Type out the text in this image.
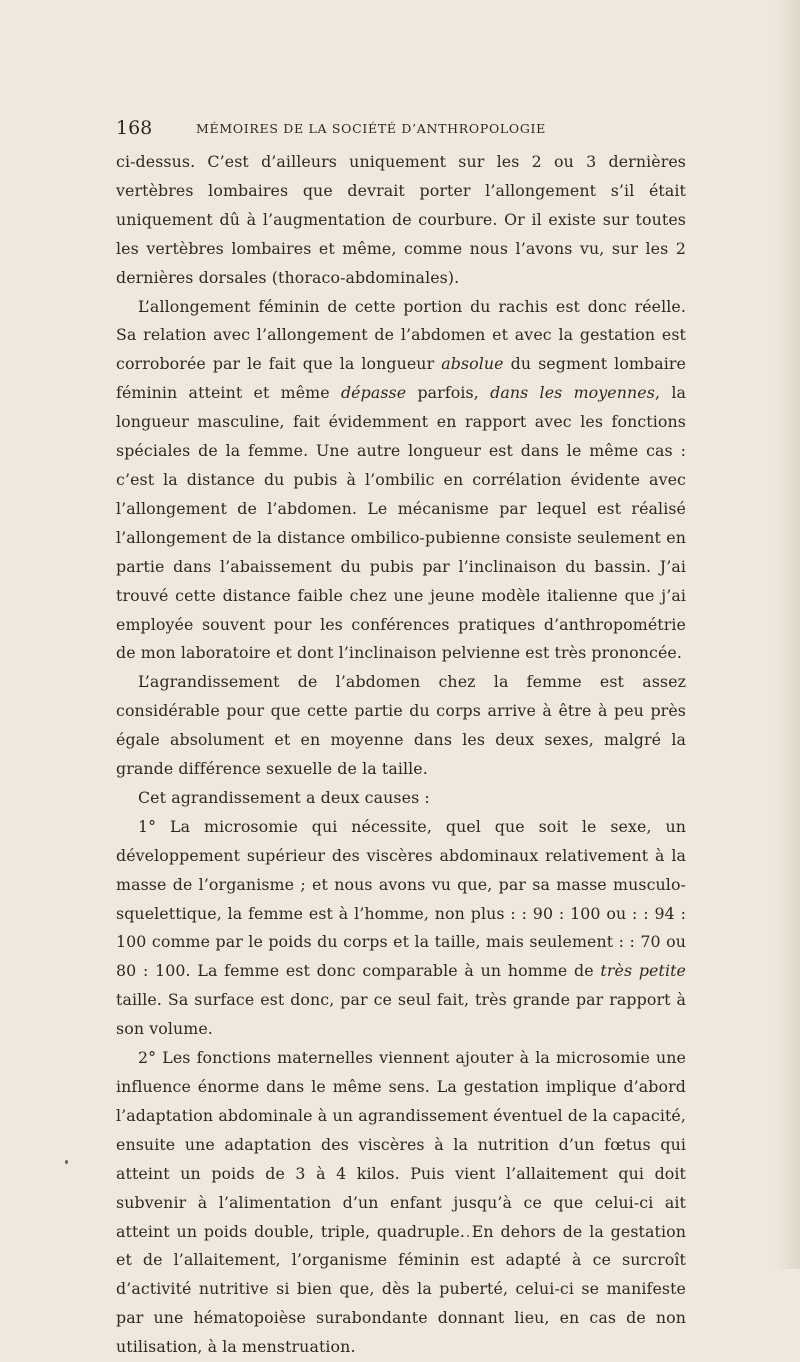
168	MÉMOIRES DE LA SOCIÉTÉ D’ANTHROPOLOGIE

ci-dessus. C’est d’ailleurs uniquement sur les 2 ou 3 dernières vertèbres lombaires que devrait porter l’allongement s’il était uniquement dû à l’augmentation de courbure. Or il existe sur toutes les vertèbres lombaires et même, comme nous l’avons vu, sur les 2 dernières dorsales (thoraco-abdominales).

L’allongement féminin de cette portion du rachis est donc réelle. Sa relation avec l’allongement de l’abdomen et avec la gestation est corroborée par le fait que la longueur absolue du segment lombaire féminin atteint et même dépasse parfois, dans les moyennes, la longueur masculine, fait évidemment en rapport avec les fonctions spéciales de la femme. Une autre longueur est dans le même cas : c’est la distance du pubis à l’ombilic en corrélation évidente avec l’allongement de l’abdomen. Le mécanisme par lequel est réalisé l’allongement de la distance ombilico-pubienne consiste seulement en partie dans l’abaissement du pubis par l’inclinaison du bassin. J’ai trouvé cette distance faible chez une jeune modèle italienne que j’ai employée souvent pour les conférences pratiques d’anthropométrie de mon laboratoire et dont l’inclinaison pelvienne est très prononcée.

L’agrandissement de l’abdomen chez la femme est assez considérable pour que cette partie du corps arrive à être à peu près égale absolument et en moyenne dans les deux sexes, malgré la grande différence sexuelle de la taille.

Cet agrandissement a deux causes :

1° La microsomie qui nécessite, quel que soit le sexe, un développement supérieur des viscères abdominaux relativement à la masse de l’organisme ; et nous avons vu que, par sa masse musculo-squelettique, la femme est à l’homme, non plus : : 90 : 100 ou : : 94 : 100 comme par le poids du corps et la taille, mais seulement : : 70 ou 80 : 100. La femme est donc comparable à un homme de très petite taille. Sa surface est donc, par ce seul fait, très grande par rapport à son volume.

2° Les fonctions maternelles viennent ajouter à la microsomie une influence énorme dans le même sens. La gestation implique d’abord l’adaptation abdominale à un agrandissement éventuel de la capacité, ensuite une adaptation des viscères à la nutrition d’un fœtus qui atteint un poids de 3 à 4 kilos. Puis vient l’allaitement qui doit subvenir à l’alimentation d’un enfant jusqu’à ce que celui-ci ait atteint un poids double, triple, quadruple. En dehors de la gestation et de l’allaitement, l’organisme féminin est adapté à ce surcroît d’activité nutritive si bien que, dès la puberté, celui-ci se manifeste par une hématopoièse surabondante donnant lieu, en cas de non utilisation, à la menstruation.
